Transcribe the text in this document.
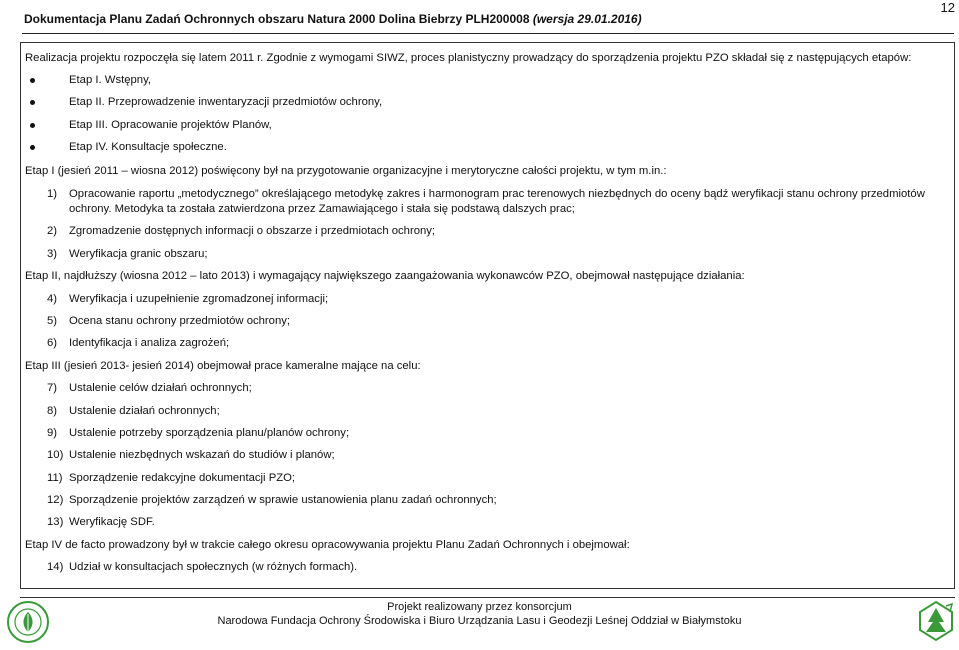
12
Dokumentacja Planu Zadań Ochronnych obszaru Natura 2000 Dolina Biebrzy PLH200008 (wersja 29.01.2016)
Realizacja projektu rozpoczęła się latem 2011 r. Zgodnie z wymogami SIWZ, proces planistyczny prowadzący do sporządzenia projektu PZO składał się z następujących etapów:
Etap I. Wstępny,
Etap II. Przeprowadzenie inwentaryzacji przedmiotów ochrony,
Etap III. Opracowanie projektów Planów,
Etap IV. Konsultacje społeczne.
Etap I (jesień 2011 – wiosna 2012) poświęcony był na przygotowanie organizacyjne i merytoryczne całości projektu, w tym m.in.:
1) Opracowanie raportu „metodycznego” określającego metodykę zakres i harmonogram prac terenowych niezbędnych do oceny bądź weryfikacji stanu ochrony przedmiotów
ochrony. Metodyka ta została zatwierdzona przez Zamawiającego i stała się podstawą dalszych prac;
2) Zgromadzenie dostępnych informacji o obszarze i przedmiotach ochrony;
3) Weryfikacja granic obszaru;
Etap II, najdłuższy (wiosna 2012 – lato 2013) i wymagający największego zaangażowania wykonawców PZO, obejmował następujące działania:
4) Weryfikacja i uzupełnienie zgromadzonej informacji;
5) Ocena stanu ochrony przedmiotów ochrony;
6) Identyfikacja i analiza zagrożeń;
Etap III (jesień 2013- jesień 2014) obejmował prace kameralne mające na celu:
7) Ustalenie celów działań ochronnych;
8) Ustalenie działań ochronnych;
9) Ustalenie potrzeby sporządzenia planu/planów ochrony;
10) Ustalenie niezbędnych wskazań do studiów i planów;
11) Sporządzenie redakcyjne dokumentacji PZO;
12) Sporządzenie projektów zarządzeń w sprawie ustanowienia planu zadań ochronnych;
13) Weryfikację SDF.
Etap IV de facto prowadzony był w trakcie całego okresu opracowywania projektu Planu Zadań Ochronnych i obejmował:
14) Udział w konsultacjach społecznych (w różnych formach).
Projekt realizowany przez konsorcjum
Narodowa Fundacja Ochrony Środowiska i Biuro Urządzania Lasu i Geodezji Leśnej Oddział w Białymstoku
